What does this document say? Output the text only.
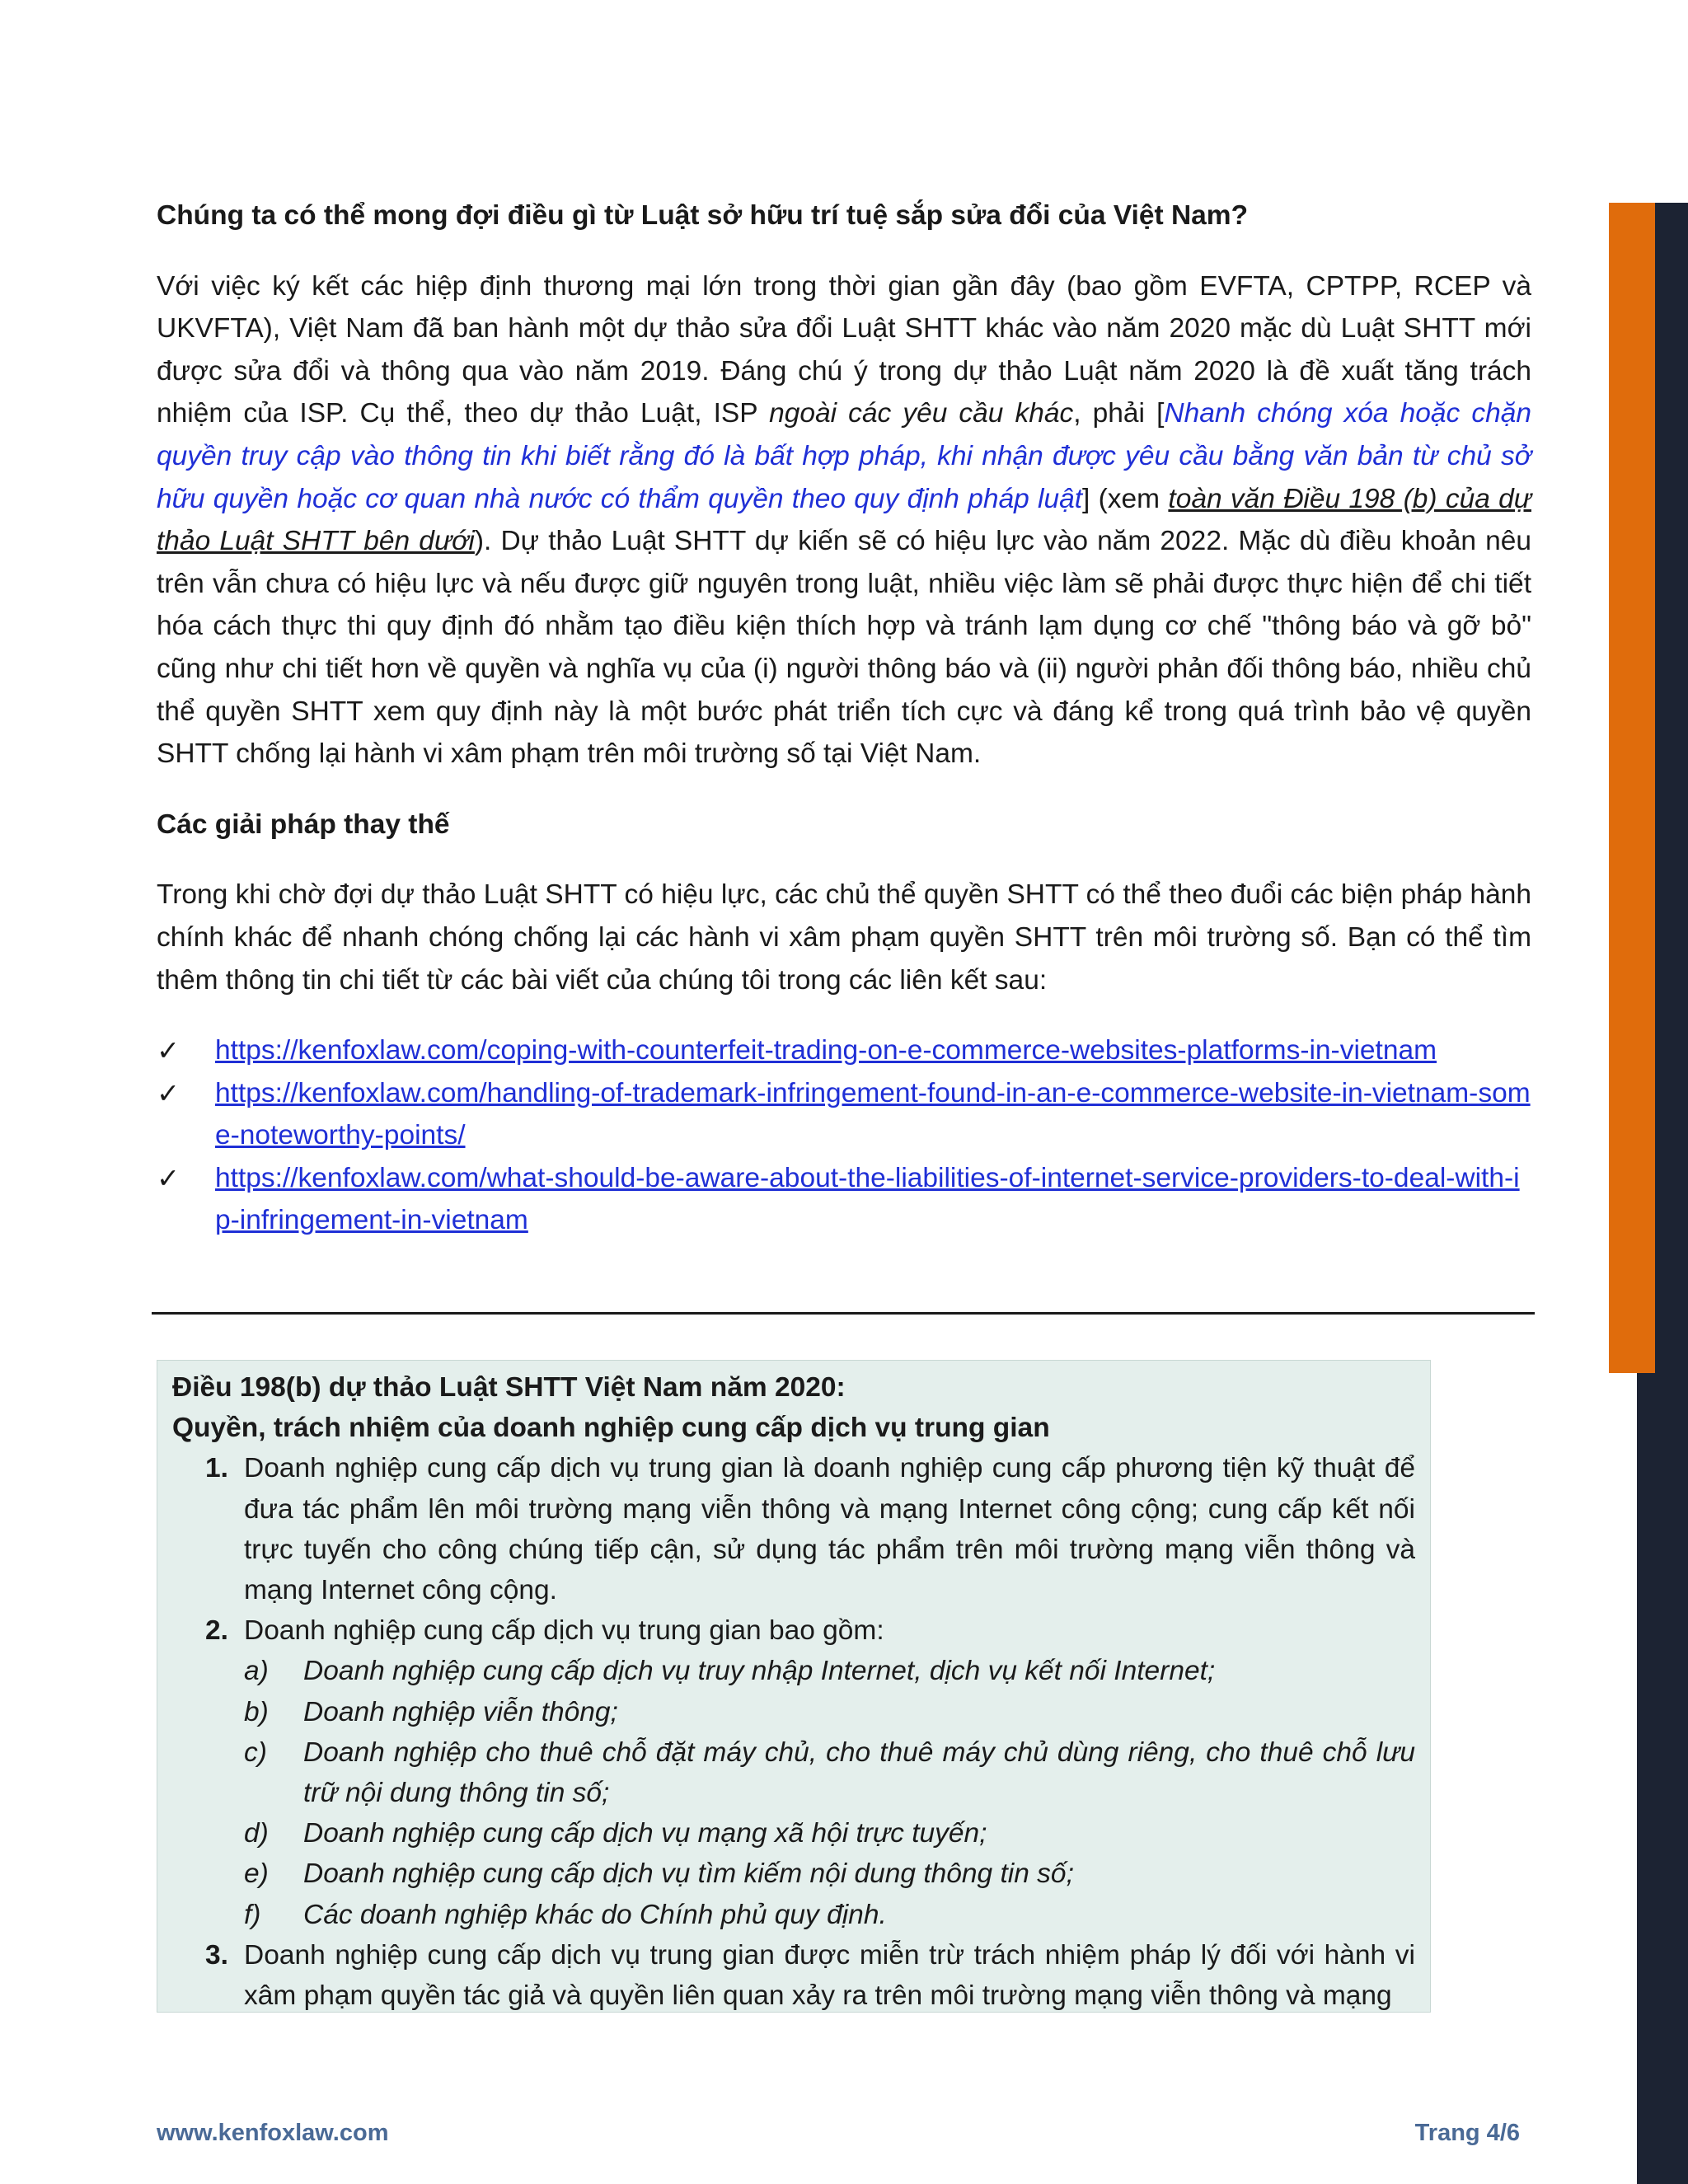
Chúng ta có thể mong đợi điều gì từ Luật sở hữu trí tuệ sắp sửa đổi của Việt Nam?

Với việc ký kết các hiệp định thương mại lớn trong thời gian gần đây (bao gồm EVFTA, CPTPP, RCEP và UKVFTA), Việt Nam đã ban hành một dự thảo sửa đổi Luật SHTT khác vào năm 2020 mặc dù Luật SHTT mới được sửa đổi và thông qua vào năm 2019. Đáng chú ý trong dự thảo Luật năm 2020 là đề xuất tăng trách nhiệm của ISP. Cụ thể, theo dự thảo Luật, ISP ngoài các yêu cầu khác, phải [Nhanh chóng xóa hoặc chặn quyền truy cập vào thông tin khi biết rằng đó là bất hợp pháp, khi nhận được yêu cầu bằng văn bản từ chủ sở hữu quyền hoặc cơ quan nhà nước có thẩm quyền theo quy định pháp luật] (xem toàn văn Điều 198 (b) của dự thảo Luật SHTT bên dưới). Dự thảo Luật SHTT dự kiến sẽ có hiệu lực vào năm 2022. Mặc dù điều khoản nêu trên vẫn chưa có hiệu lực và nếu được giữ nguyên trong luật, nhiều việc làm sẽ phải được thực hiện để chi tiết hóa cách thực thi quy định đó nhằm tạo điều kiện thích hợp và tránh lạm dụng cơ chế "thông báo và gỡ bỏ" cũng như chi tiết hơn về quyền và nghĩa vụ của (i) người thông báo và (ii) người phản đối thông báo, nhiều chủ thể quyền SHTT xem quy định này là một bước phát triển tích cực và đáng kể trong quá trình bảo vệ quyền SHTT chống lại hành vi xâm phạm trên môi trường số tại Việt Nam.

Các giải pháp thay thế

Trong khi chờ đợi dự thảo Luật SHTT có hiệu lực, các chủ thể quyền SHTT có thể theo đuổi các biện pháp hành chính khác để nhanh chóng chống lại các hành vi xâm phạm quyền SHTT trên môi trường số. Bạn có thể tìm thêm thông tin chi tiết từ các bài viết của chúng tôi trong các liên kết sau:

✓	https://kenfoxlaw.com/coping-with-counterfeit-trading-on-e-commerce-websites-platforms-in-vietnam
✓	https://kenfoxlaw.com/handling-of-trademark-infringement-found-in-an-e-commerce-website-in-vietnam-some-noteworthy-points/
✓	https://kenfoxlaw.com/what-should-be-aware-about-the-liabilities-of-internet-service-providers-to-deal-with-ip-infringement-in-vietnam
Điều 198(b) dự thảo Luật SHTT Việt Nam năm 2020:
Quyền, trách nhiệm của doanh nghiệp cung cấp dịch vụ trung gian
1. Doanh nghiệp cung cấp dịch vụ trung gian là doanh nghiệp cung cấp phương tiện kỹ thuật để đưa tác phẩm lên môi trường mạng viễn thông và mạng Internet công cộng; cung cấp kết nối trực tuyến cho công chúng tiếp cận, sử dụng tác phẩm trên môi trường mạng viễn thông và mạng Internet công cộng.
2. Doanh nghiệp cung cấp dịch vụ trung gian bao gồm:
a) Doanh nghiệp cung cấp dịch vụ truy nhập Internet, dịch vụ kết nối Internet;
b) Doanh nghiệp viễn thông;
c) Doanh nghiệp cho thuê chỗ đặt máy chủ, cho thuê máy chủ dùng riêng, cho thuê chỗ lưu trữ nội dung thông tin số;
d) Doanh nghiệp cung cấp dịch vụ mạng xã hội trực tuyến;
e) Doanh nghiệp cung cấp dịch vụ tìm kiếm nội dung thông tin số;
f) Các doanh nghiệp khác do Chính phủ quy định.
3. Doanh nghiệp cung cấp dịch vụ trung gian được miễn trừ trách nhiệm pháp lý đối với hành vi xâm phạm quyền tác giả và quyền liên quan xảy ra trên môi trường mạng viễn thông và mạng
www.kenfoxlaw.com	Trang 4/6
